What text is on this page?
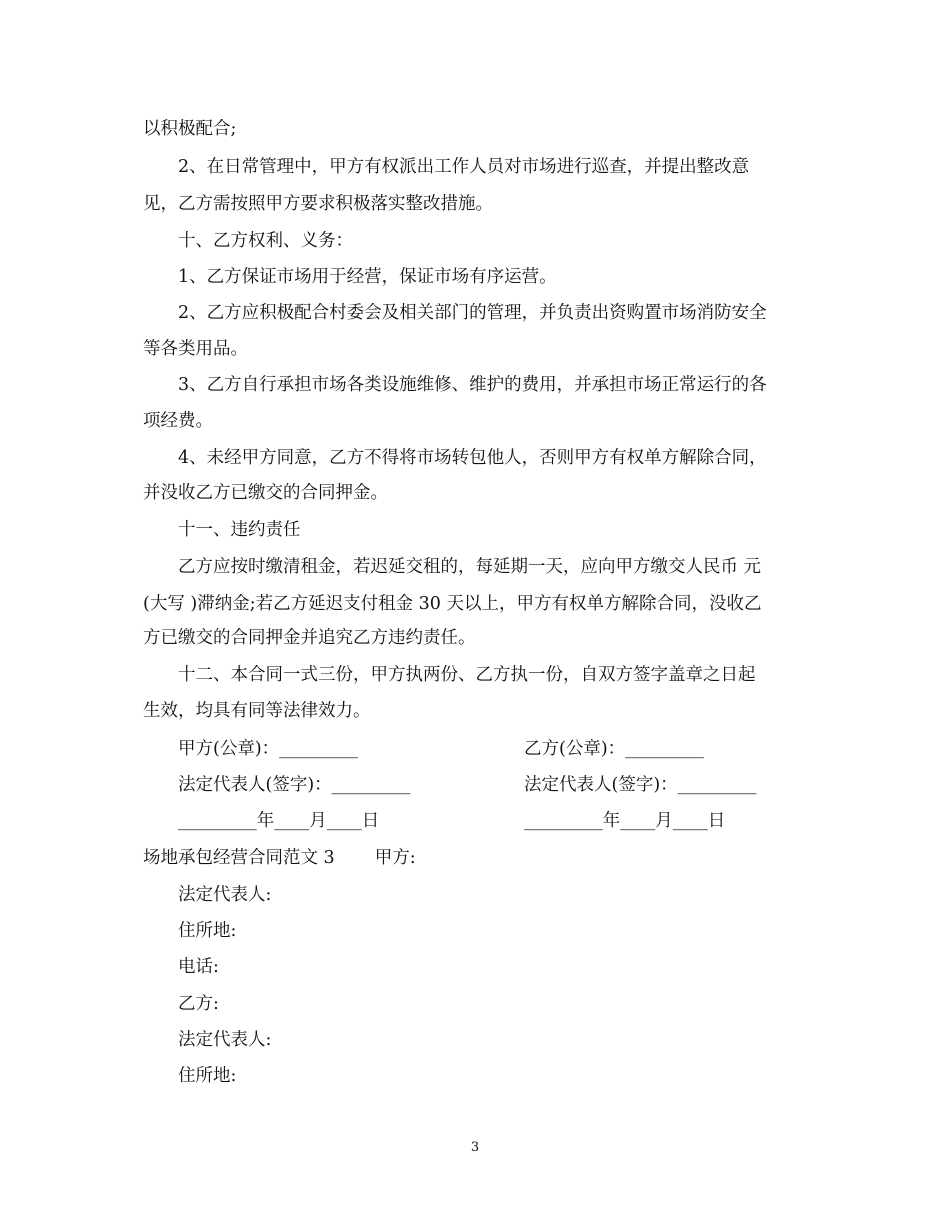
以积极配合;
2、在日常管理中，甲方有权派出工作人员对市场进行巡查，并提出整改意
见，乙方需按照甲方要求积极落实整改措施。
十、乙方权利、义务：
1、乙方保证市场用于经营，保证市场有序运营。
2、乙方应积极配合村委会及相关部门的管理，并负责出资购置市场消防安全
等各类用品。
3、乙方自行承担市场各类设施维修、维护的费用，并承担市场正常运行的各
项经费。
4、未经甲方同意，乙方不得将市场转包他人，否则甲方有权单方解除合同，
并没收乙方已缴交的合同押金。
十一、违约责任
乙方应按时缴清租金，若迟延交租的，每延期一天，应向甲方缴交人民币 元
(大写 )滞纳金;若乙方延迟支付租金 30 天以上，甲方有权单方解除合同，没收乙
方已缴交的合同押金并追究乙方违约责任。
十二、本合同一式三份，甲方执两份、乙方执一份，自双方签字盖章之日起
生效，均具有同等法律效力。
甲方(公章)：_________	乙方(公章)：_________
法定代表人(签字)：_________	法定代表人(签字)：_________
_________年____月____日	_________年____月____日
场地承包经营合同范文 3 甲方:
法定代表人:
住所地:
电话:
乙方:
法定代表人:
住所地:
3
